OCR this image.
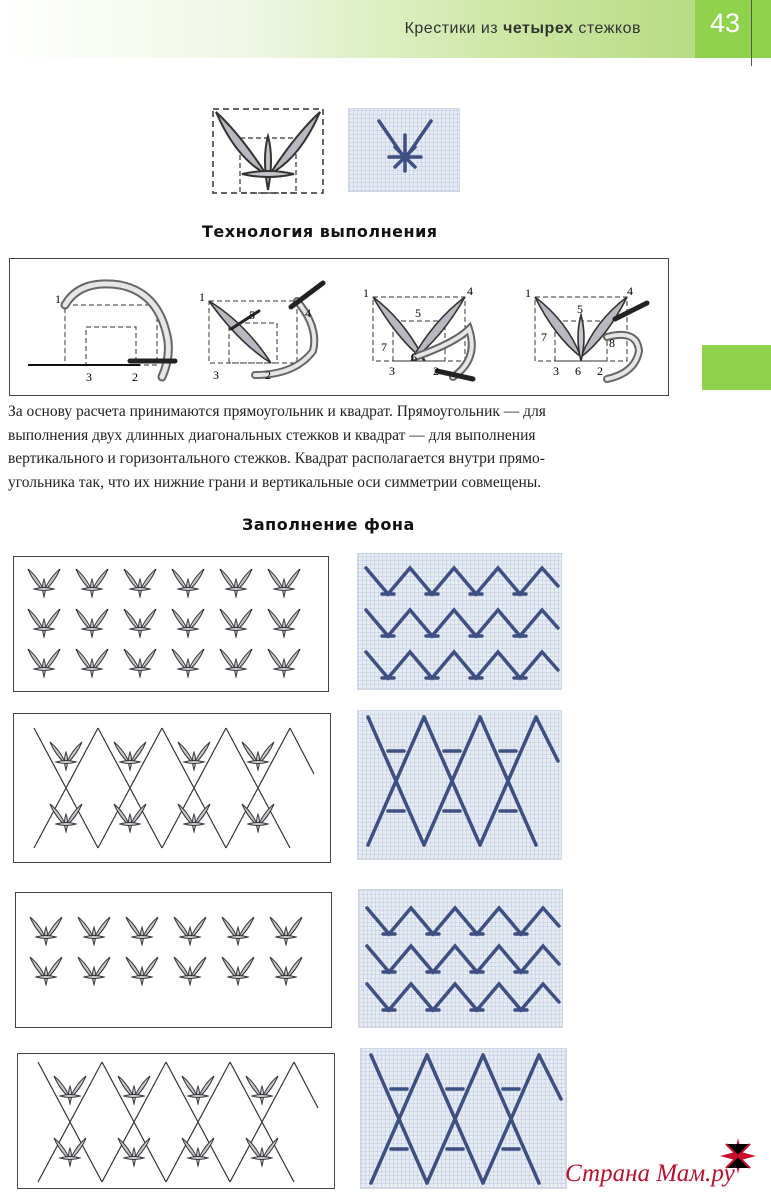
Крестики из четырех стежков	43
Технология выполнения
1
3	2
1
5	4
3	2
1	4
5
7
3
6
2
1	4
5
7	8
3 6 2
За основу расчета принимаются прямоугольник и квадрат. Прямоугольник — для
выполнения двух длинных диагональных стежков и квадрат — для выполнения
вертикального и горизонтального стежков. Квадрат располагается внутри прямо-
угольника так, что их нижние грани и вертикальные оси симметрии совмещены.
Заполнение фона
Страна Мам.ру
